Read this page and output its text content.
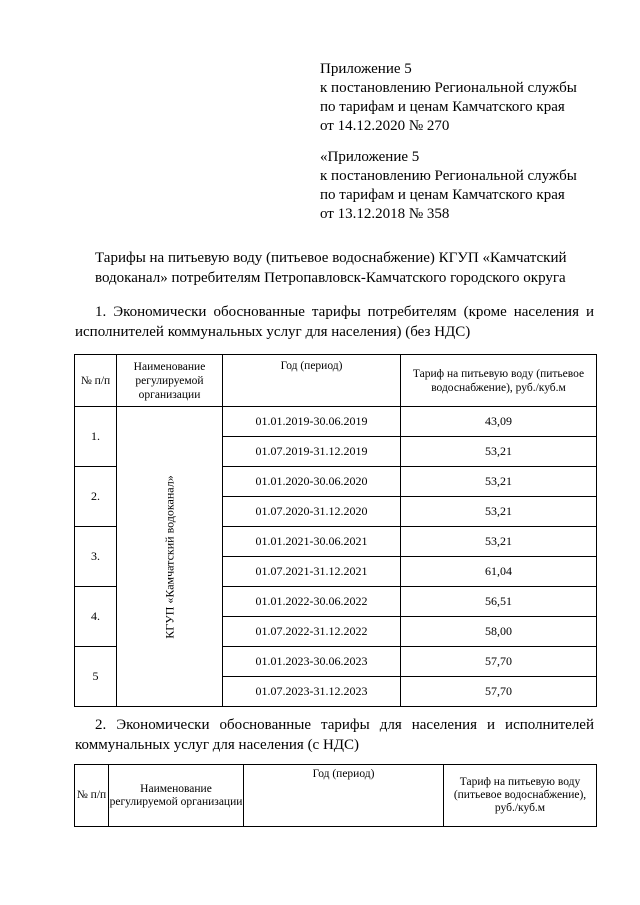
Приложение 5
к постановлению Региональной службы
по тарифам и ценам Камчатского края
от 14.12.2020 № 270
«Приложение 5
к постановлению Региональной службы
по тарифам и ценам Камчатского края
от 13.12.2018 № 358
Тарифы на питьевую воду (питьевое водоснабжение) КГУП «Камчатский водоканал» потребителям Петропавловск-Камчатского городского округа
1. Экономически обоснованные тарифы потребителям (кроме населения и исполнителей коммунальных услуг для населения) (без НДС)
№ п/п	Наименование регулируемой организации	Год (период)	Тариф на питьевую воду (питьевое водоснабжение), руб./куб.м
1.	КГУП «Камчатский водоканал»	01.01.2019-30.06.2019	43,09
		01.07.2019-31.12.2019	53,21
2.		01.01.2020-30.06.2020	53,21
		01.07.2020-31.12.2020	53,21
3.		01.01.2021-30.06.2021	53,21
		01.07.2021-31.12.2021	61,04
4.		01.01.2022-30.06.2022	56,51
		01.07.2022-31.12.2022	58,00
5		01.01.2023-30.06.2023	57,70
		01.07.2023-31.12.2023	57,70
2. Экономически обоснованные тарифы для населения и исполнителей коммунальных услуг для населения (с НДС)
№ п/п	Наименование регулируемой организации	Год (период)	Тариф на питьевую воду (питьевое водоснабжение), руб./куб.м
